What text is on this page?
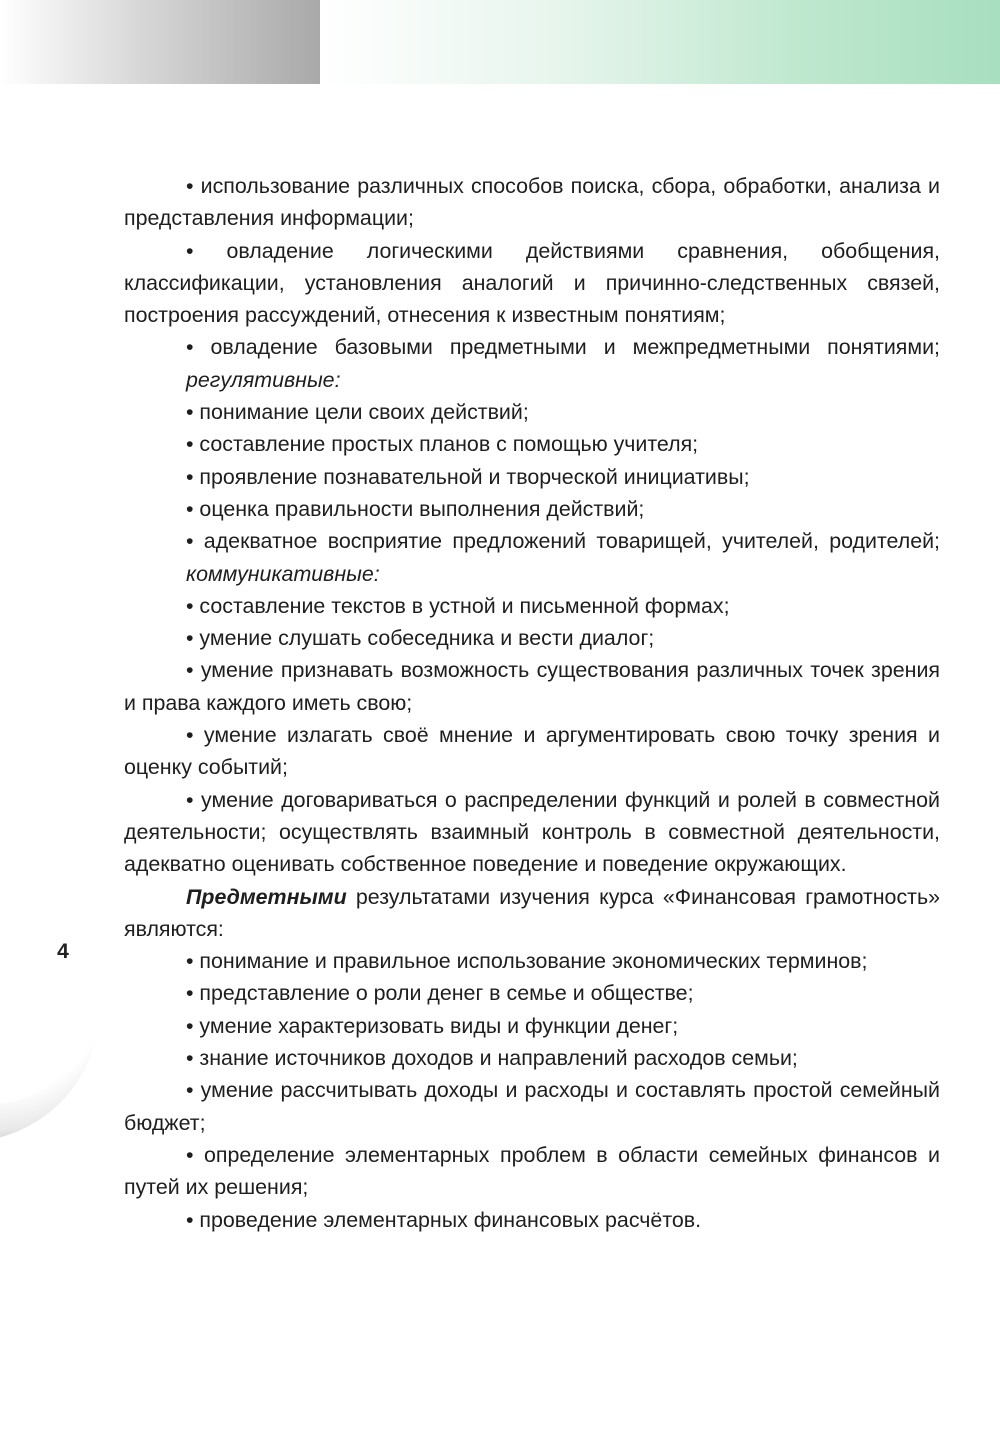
4

• использование различных способов поиска, сбора, обработки, анализа и представления информации;

• овладение логическими действиями сравнения, обобщения, классификации, установления аналогий и причинно-следственных связей, построения рассуждений, отнесения к известным понятиям;

• овладение базовыми предметными и межпредметными понятиями;

регулятивные:

• понимание цели своих действий;

• составление простых планов с помощью учителя;

• проявление познавательной и творческой инициативы;

• оценка правильности выполнения действий;

• адекватное восприятие предложений товарищей, учителей, родителей;

коммуникативные:

• составление текстов в устной и письменной формах;

• умение слушать собеседника и вести диалог;

• умение признавать возможность существования различных точек зрения и права каждого иметь свою;

• умение излагать своё мнение и аргументировать свою точку зрения и оценку событий;

• умение договариваться о распределении функций и ролей в совместной деятельности; осуществлять взаимный контроль в совместной деятельности, адекватно оценивать собственное поведение и поведение окружающих.

Предметными результатами изучения курса «Финансовая грамотность» являются:

• понимание и правильное использование экономических терминов;

• представление о роли денег в семье и обществе;

• умение характеризовать виды и функции денег;

• знание источников доходов и направлений расходов семьи;

• умение рассчитывать доходы и расходы и составлять простой семейный бюджет;

• определение элементарных проблем в области семейных финансов и путей их решения;

• проведение элементарных финансовых расчётов.
